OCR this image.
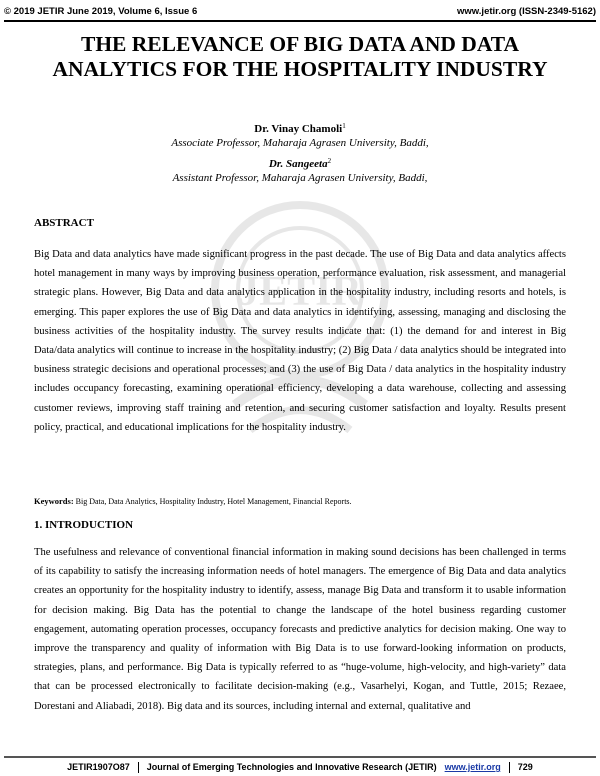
© 2019 JETIR June 2019, Volume 6, Issue 6	www.jetir.org (ISSN-2349-5162)
JETIR
THE RELEVANCE OF BIG DATA AND DATA ANALYTICS FOR THE HOSPITALITY INDUSTRY
Dr. Vinay Chamoli$^1$
Associate Professor, Maharaja Agrasen University, Baddi,
Dr. Sangeeta$^2$
Assistant Professor, Maharaja Agrasen University, Baddi,
ABSTRACT

Big Data and data analytics have made significant progress in the past decade. The use of Big Data and data analytics affects hotel management in many ways by improving business operation, performance evaluation, risk assessment, and managerial strategic plans. However, Big Data and data analytics application in the hospitality industry, including resorts and hotels, is emerging. This paper explores the use of Big Data and data analytics in identifying, assessing, managing and disclosing the business activities of the hospitality industry. The survey results indicate that: (1) the demand for and interest in Big Data/data analytics will continue to increase in the hospitality industry; (2) Big Data / data analytics should be integrated into business strategic decisions and operational processes; and (3) the use of Big Data / data analytics in the hospitality industry includes occupancy forecasting, examining operational efficiency, developing a data warehouse, collecting and assessing customer reviews, improving staff training and retention, and securing customer satisfaction and loyalty. Results present policy, practical, and educational implications for the hospitality industry.

Keywords: Big Data, Data Analytics, Hospitality Industry, Hotel Management, Financial Reports.

1. INTRODUCTION

The usefulness and relevance of conventional financial information in making sound decisions has been challenged in terms of its capability to satisfy the increasing information needs of hotel managers. The emergence of Big Data and data analytics creates an opportunity for the hospitality industry to identify, assess, manage Big Data and transform it to usable information for decision making. Big Data has the potential to change the landscape of the hotel business regarding customer engagement, automating operation processes, occupancy forecasts and predictive analytics for decision making. One way to improve the transparency and quality of information with Big Data is to use forward-looking information on products, strategies, plans, and performance. Big Data is typically referred to as “huge-volume, high-velocity, and high-variety” data that can be processed electronically to facilitate decision-making (e.g., Vasarhelyi, Kogan, and Tuttle, 2015; Rezaee, Dorestani and Aliabadi, 2018). Big data and its sources, including internal and external, qualitative and

JETIR1907O87 Journal of Emerging Technologies and Innovative Research (JETIR) www.jetir.org 729
